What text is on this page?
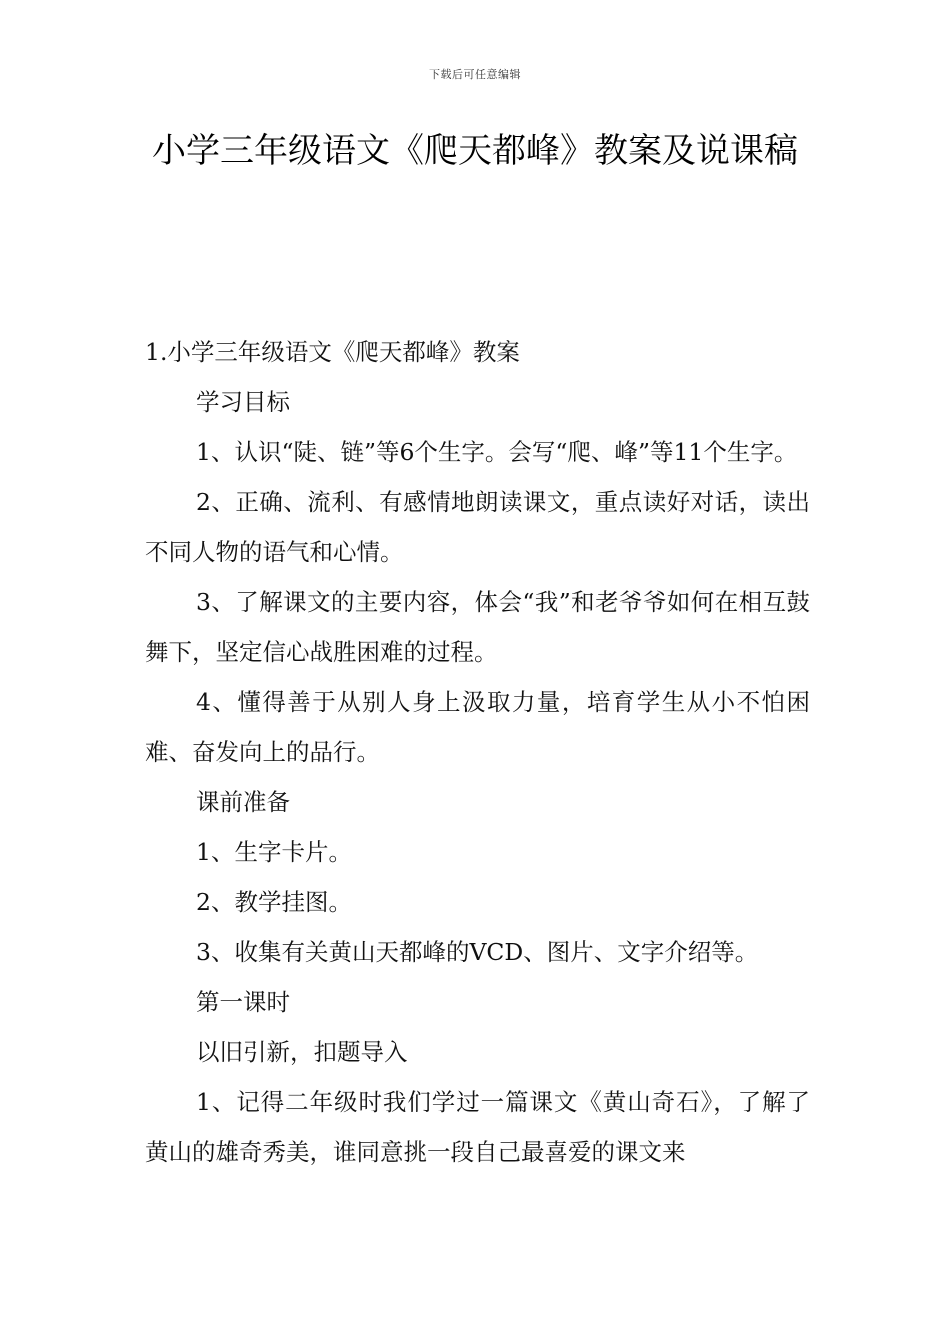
下载后可任意编辑
小学三年级语文《爬天都峰》教案及说课稿

1.小学三年级语文《爬天都峰》教案

学习目标

1、认识“陡、链”等6个生字。会写“爬、峰”等11个生字。

2、正确、流利、有感情地朗读课文，重点读好对话，读出不同人物的语气和心情。

3、了解课文的主要内容，体会“我”和老爷爷如何在相互鼓舞下，坚定信心战胜困难的过程。

4、懂得善于从别人身上汲取力量，培育学生从小不怕困难、奋发向上的品行。

课前准备

1、生字卡片。

2、教学挂图。

3、收集有关黄山天都峰的VCD、图片、文字介绍等。

第一课时

以旧引新，扣题导入

1、记得二年级时我们学过一篇课文《黄山奇石》，了解了黄山的雄奇秀美，谁同意挑一段自己最喜爱的课文来
